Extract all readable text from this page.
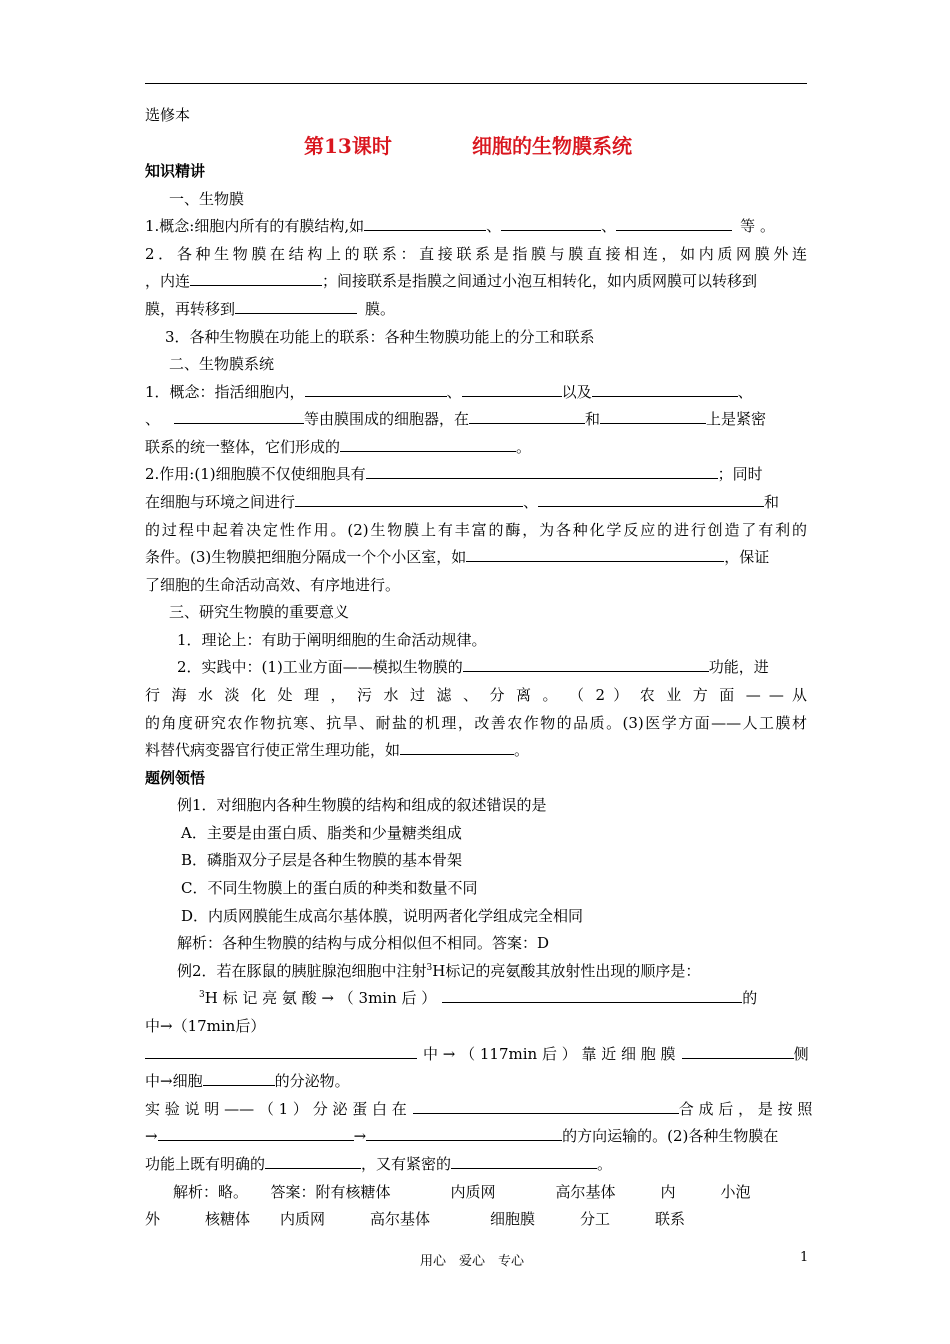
选修本
第13课时	细胞的生物膜系统
知识精讲
一、生物膜
1.概念:细胞内所有的有膜结构,如	、	、	等 。
2．各种生物膜在结构上的联系：直接联系是指膜与膜直接相连，如内质网膜外连
，内连	；间接联系是指膜之间通过小泡互相转化，如内质网膜可以转移到
膜，再转移到	膜。
3．各种生物膜在功能上的联系：各种生物膜功能上的分工和联系
二、生物膜系统
1．概念：指活细胞内，	、	以及	、
、	等由膜围成的细胞器，在	和	上是紧密
联系的统一整体，它们形成的	。
2.作用:(1)细胞膜不仅使细胞具有	；同时
在细胞与环境之间进行	、	和
的过程中起着决定性作用。(2)生物膜上有丰富的酶，为各种化学反应的进行创造了有利的
条件。(3)生物膜把细胞分隔成一个个小区室，如	，保证
了细胞的生命活动高效、有序地进行。
三、研究生物膜的重要意义
1．理论上：有助于阐明细胞的生命活动规律。
2．实践中：(1)工业方面——模拟生物膜的	功能，进
行 海 水 淡 化 处 理 ， 污 水 过 滤 、 分 离 。 （ 2 ） 农 业 方 面 — — 从
的角度研究农作物抗寒、抗旱、耐盐的机理，改善农作物的品质。(3)医学方面——人工膜材
料替代病变器官行使正常生理功能，如	。
题例领悟
例1．对细胞内各种生物膜的结构和组成的叙述错误的是
A．主要是由蛋白质、脂类和少量糖类组成
B．磷脂双分子层是各种生物膜的基本骨架
C．不同生物膜上的蛋白质的种类和数量不同
D．内质网膜能生成高尔基体膜，说明两者化学组成完全相同
解析：各种生物膜的结构与成分相似但不相同。答案：D
例2．若在豚鼠的胰脏腺泡细胞中注射$^3$H标记的亮氨酸其放射性出现的顺序是：
$^3$H 标 记 亮 氨 酸 → （ 3min 后 ）	的
中→（17min后）
中 → （ 117min 后 ） 靠 近 细 胞 膜	侧
中→细胞	的分泌物。
实 验 说 明 —— （ 1 ） 分 泌 蛋 白 在	合 成 后 ， 是 按 照
→	→	的方向运输的。(2)各种生物膜在
功能上既有明确的	，又有紧密的	。
解析：略。　　答案：附有核糖体　　　　内质网　　　　高尔基体　　　内　　　小泡
外　　　核糖体　　内质网　　　高尔基体　　　　细胞膜　　　分工　　　联系
用心　爱心　专心	1
